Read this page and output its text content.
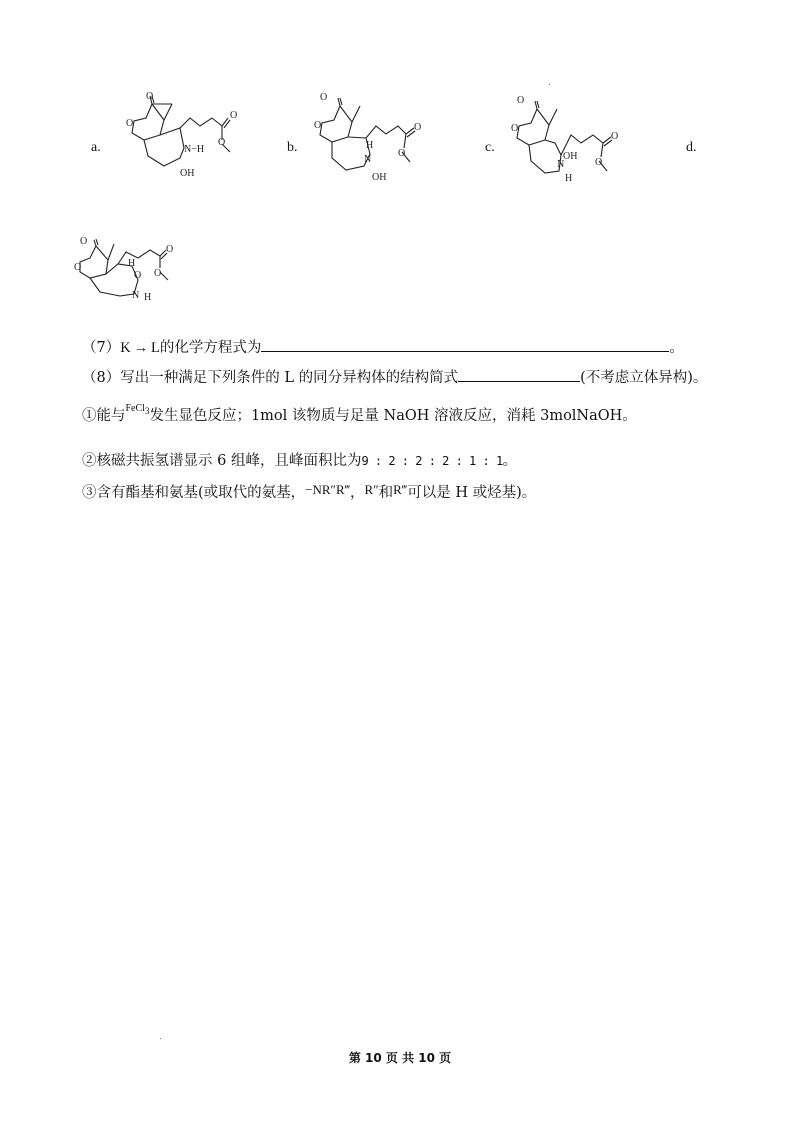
a.
O
O
N−H
OH
O
O	b.
O
O
H
N
OH
O
O	c.
O
O
OH
N
H
O
O
d.
O
O	H
O
N H
O
O
（7）K → L的化学方程式为	。
（8）写出一种满足下列条件的 L 的同分异构体的结构简式	(不考虑立体异构)。
①能与$^{FeCl3}$发生显色反应；1mol 该物质与足量 NaOH 溶液反应，消耗 3molNaOH。
②核磁共振氢谱显示 6 组峰，且峰面积比为9 : 2 : 2 : 2 : 1 : 1。
③含有酯基和氨基(或取代的氨基，−NR″R‴，R″和R‴可以是 H 或烃基)。
第 10 页 共 10 页
